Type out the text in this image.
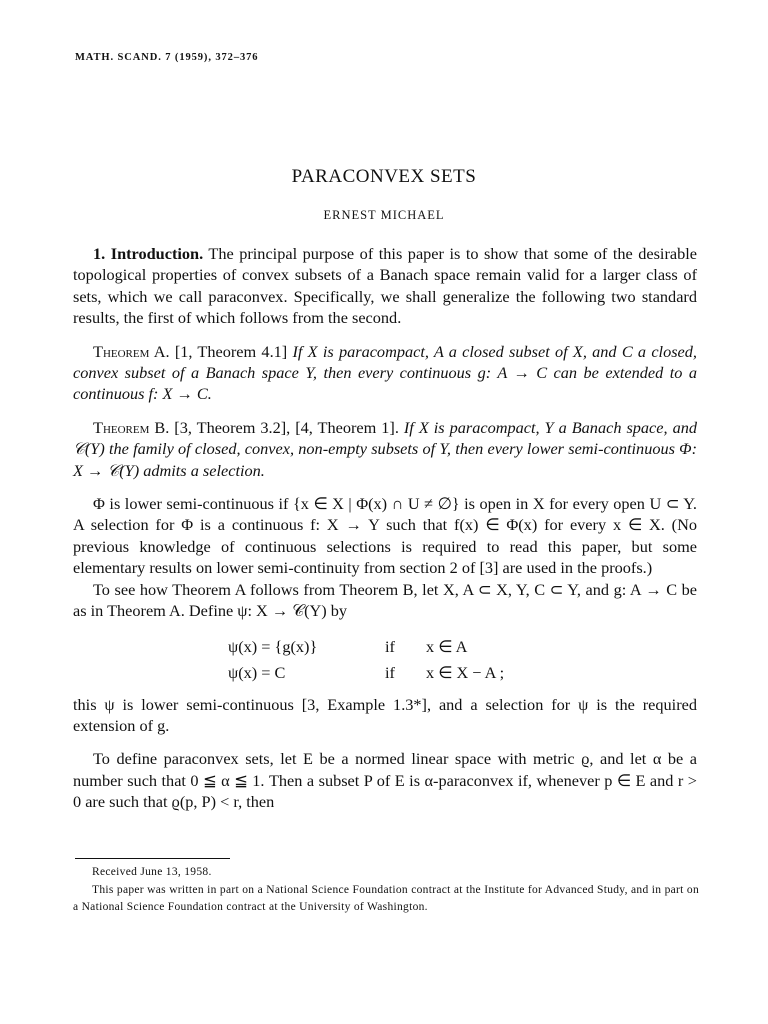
MATH. SCAND. 7 (1959), 372–376
PARACONVEX SETS
ERNEST MICHAEL

1. Introduction. The principal purpose of this paper is to show that some of the desirable topological properties of convex subsets of a Banach space remain valid for a larger class of sets, which we call paraconvex. Specifically, we shall generalize the following two standard results, the first of which follows from the second.

Theorem A. [1, Theorem 4.1] If X is paracompact, A a closed subset of X, and C a closed, convex subset of a Banach space Y, then every continuous g: A → C can be extended to a continuous f: X → C.

Theorem B. [3, Theorem 3.2], [4, Theorem 1]. If X is paracompact, Y a Banach space, and 𝒞(Y) the family of closed, convex, non-empty subsets of Y, then every lower semi-continuous Φ: X → 𝒞(Y) admits a selection.

Φ is lower semi-continuous if {x ∈ X | Φ(x) ∩ U ≠ ∅} is open in X for every open U ⊂ Y. A selection for Φ is a continuous f: X → Y such that f(x) ∈ Φ(x) for every x ∈ X. (No previous knowledge of continuous selections is required to read this paper, but some elementary results on lower semi-continuity from section 2 of [3] are used in the proofs.)

To see how Theorem A follows from Theorem B, let X, A ⊂ X, Y, C ⊂ Y, and g: A → C be as in Theorem A. Define ψ: X → 𝒞(Y) by

ψ(x) = {g(x)}	if x ∈ A
ψ(x) = C	if x ∈ X − A ;

this ψ is lower semi-continuous [3, Example 1.3*], and a selection for ψ is the required extension of g.

To define paraconvex sets, let E be a normed linear space with metric ϱ, and let α be a number such that 0 ≦ α ≦ 1. Then a subset P of E is α-paraconvex if, whenever p ∈ E and r > 0 are such that ϱ(p, P) < r, then

Received June 13, 1958.

This paper was written in part on a National Science Foundation contract at the Institute for Advanced Study, and in part on a National Science Foundation contract at the University of Washington.
